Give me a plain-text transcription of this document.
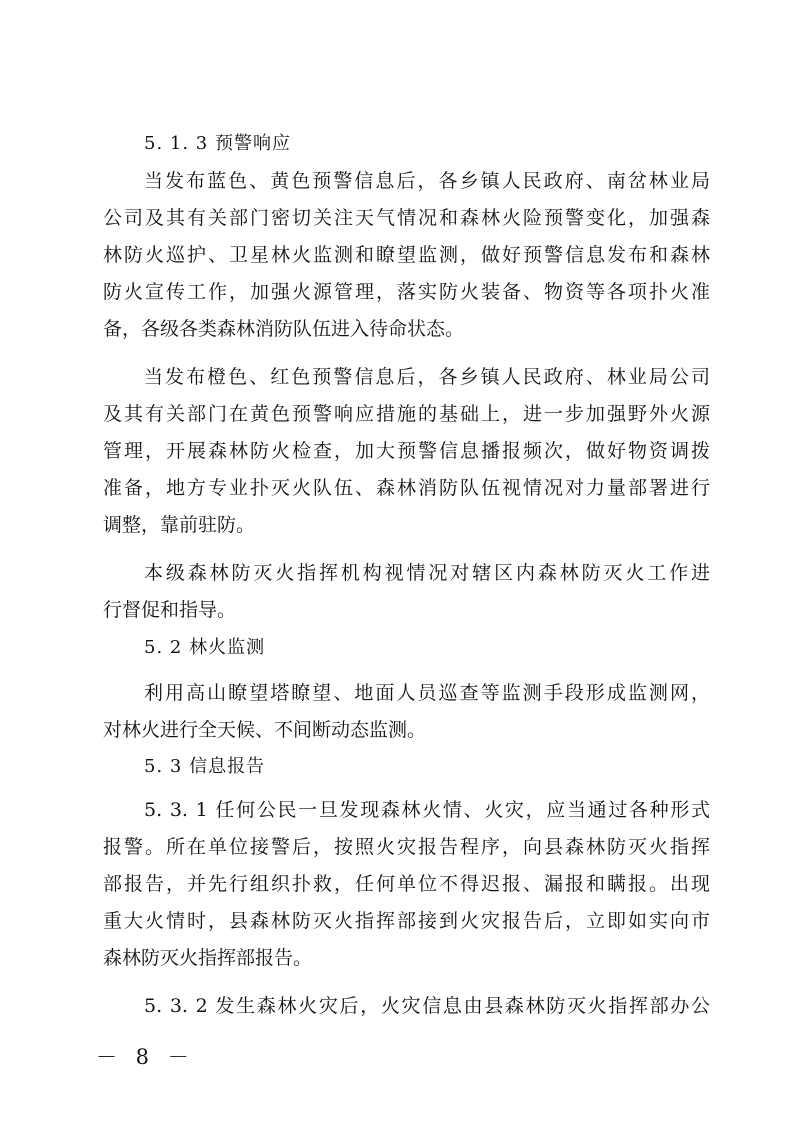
5. 1. 3 预警响应
当发布蓝色、黄色预警信息后，各乡镇人民政府、南岔林业局
公司及其有关部门密切关注天气情况和森林火险预警变化，加强森
林防火巡护、卫星林火监测和瞭望监测，做好预警信息发布和森林
防火宣传工作，加强火源管理，落实防火装备、物资等各项扑火准
备，各级各类森林消防队伍进入待命状态。
当发布橙色、红色预警信息后，各乡镇人民政府、林业局公司
及其有关部门在黄色预警响应措施的基础上，进一步加强野外火源
管理，开展森林防火检查，加大预警信息播报频次，做好物资调拨
准备，地方专业扑灭火队伍、森林消防队伍视情况对力量部署进行
调整，靠前驻防。
本级森林防灭火指挥机构视情况对辖区内森林防灭火工作进
行督促和指导。
5. 2 林火监测
利用高山瞭望塔瞭望、地面人员巡查等监测手段形成监测网，
对林火进行全天候、不间断动态监测。
5. 3 信息报告
5. 3. 1 任何公民一旦发现森林火情、火灾，应当通过各种形式
报警。所在单位接警后，按照火灾报告程序，向县森林防灭火指挥
部报告，并先行组织扑救，任何单位不得迟报、漏报和瞒报。出现
重大火情时，县森林防灭火指挥部接到火灾报告后，立即如实向市
森林防灭火指挥部报告。
5. 3. 2 发生森林火灾后，火灾信息由县森林防灭火指挥部办公
－ 8 －
